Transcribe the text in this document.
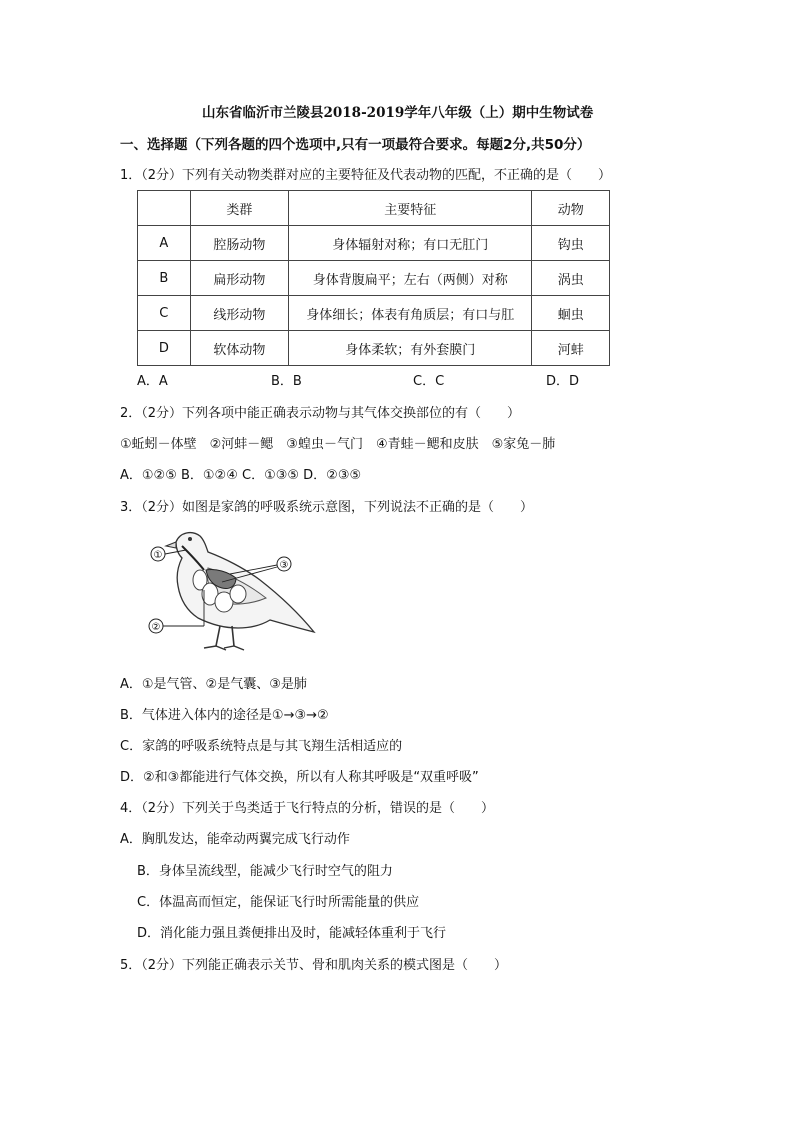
山东省临沂市兰陵县2018-2019学年八年级（上）期中生物试卷
一、选择题（下列各题的四个选项中,只有一项最符合要求。每题2分,共50分）
1．（2分）下列有关动物类群对应的主要特征及代表动物的匹配，不正确的是（　　）
	类群	主要特征	动物
A	腔肠动物	身体辐射对称；有口无肛门	钩虫
B	扁形动物	身体背腹扁平；左右（两侧）对称	涡虫
C	线形动物	身体细长；体表有角质层；有口与肛	蛔虫
D	软体动物	身体柔软；有外套膜门	河蚌
A．A	B．B	C．C	D．D
2．（2分）下列各项中能正确表示动物与其气体交换部位的有（　　）
①蚯蚓－体壁　②河蚌－鳃　③蝗虫－气门　④青蛙－鳃和皮肤　⑤家兔－肺
A．①②⑤ B．①②④ C．①③⑤ D．②③⑤
3．（2分）如图是家鸽的呼吸系统示意图，下列说法不正确的是（　　）
①
②
③
A．①是气管、②是气囊、③是肺
B．气体进入体内的途径是①→③→②
C．家鸽的呼吸系统特点是与其飞翔生活相适应的
D．②和③都能进行气体交换，所以有人称其呼吸是“双重呼吸”
4．（2分）下列关于鸟类适于飞行特点的分析，错误的是（　　）
A．胸肌发达，能牵动两翼完成飞行动作
B．身体呈流线型，能减少飞行时空气的阻力
C．体温高而恒定，能保证飞行时所需能量的供应
D．消化能力强且粪便排出及时，能减轻体重利于飞行
5．（2分）下列能正确表示关节、骨和肌肉关系的模式图是（　　）
